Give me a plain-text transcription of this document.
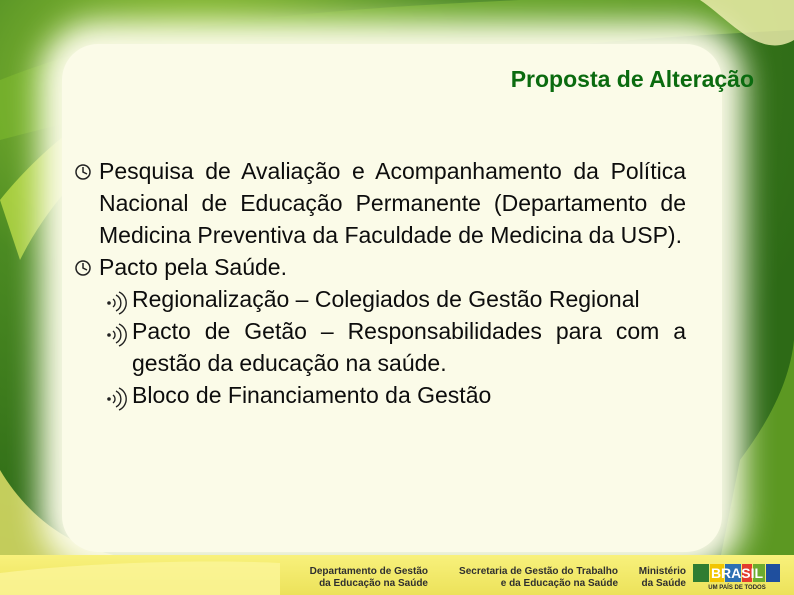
Proposta de Alteração
Pesquisa de Avaliação e Acompanhamento da Política Nacional de Educação Permanente (Departamento de Medicina Preventiva da Faculdade de Medicina da USP).
Pacto pela Saúde.
Regionalização – Colegiados de Gestão Regional
Pacto de Getão – Responsabilidades para com a gestão da educação na saúde.
Bloco de Financiamento da Gestão
Departamento de Gestão
da Educação na Saúde
Secretaria de Gestão do Trabalho
e da Educação na Saúde
Ministério
da Saúde
BRASIL
UM PAÍS DE TODOS
